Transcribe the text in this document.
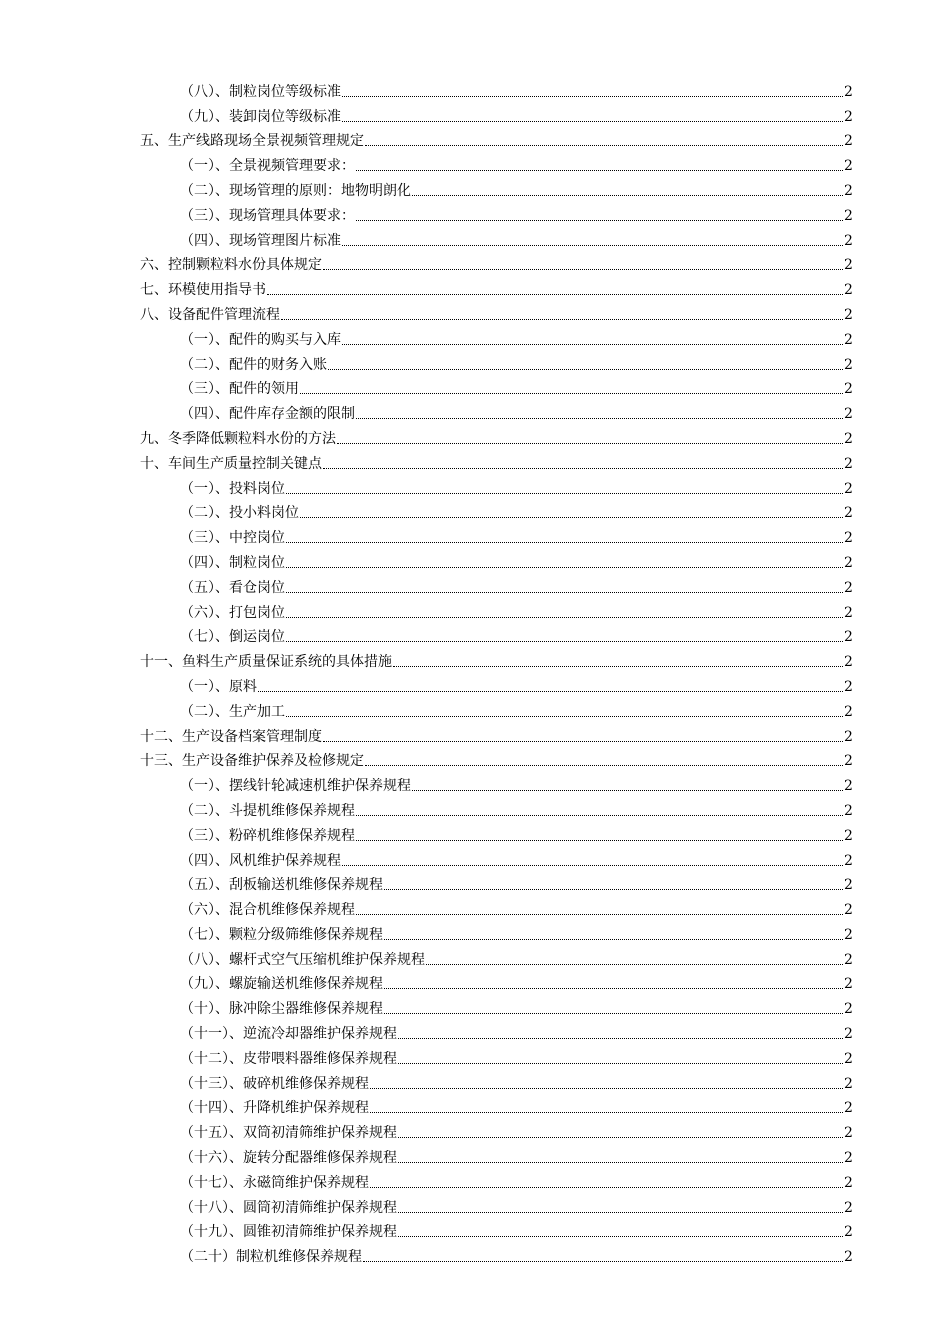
（八）、制粒岗位等级标准	2
（九）、装卸岗位等级标准	2
五、生产线路现场全景视频管理规定	2
（一）、全景视频管理要求：	2
（二）、现场管理的原则：地物明朗化	2
（三）、现场管理具体要求：	2
（四）、现场管理图片标准	2
六、控制颗粒料水份具体规定	2
七、环模使用指导书	2
八、设备配件管理流程	2
（一）、配件的购买与入库	2
（二）、配件的财务入账	2
（三）、配件的领用	2
（四）、配件库存金额的限制	2
九、冬季降低颗粒料水份的方法	2
十、车间生产质量控制关键点	2
（一）、投料岗位	2
（二）、投小料岗位	2
（三）、中控岗位	2
（四）、制粒岗位	2
（五）、看仓岗位	2
（六）、打包岗位	2
（七）、倒运岗位	2
十一、鱼料生产质量保证系统的具体措施	2
（一）、原料	2
（二）、生产加工	2
十二、生产设备档案管理制度	2
十三、生产设备维护保养及检修规定	2
（一）、摆线针轮减速机维护保养规程	2
（二）、斗提机维修保养规程	2
（三）、粉碎机维修保养规程	2
（四）、风机维护保养规程	2
（五）、刮板输送机维修保养规程	2
（六）、混合机维修保养规程	2
（七）、颗粒分级筛维修保养规程	2
（八）、螺杆式空气压缩机维护保养规程	2
（九）、螺旋输送机维修保养规程	2
（十）、脉冲除尘器维修保养规程	2
（十一）、逆流冷却器维护保养规程	2
（十二）、皮带喂料器维修保养规程	2
（十三）、破碎机维修保养规程	2
（十四）、升降机维护保养规程	2
（十五）、双筒初清筛维护保养规程	2
（十六）、旋转分配器维修保养规程	2
（十七）、永磁筒维护保养规程	2
（十八）、圆筒初清筛维护保养规程	2
（十九）、圆锥初清筛维护保养规程	2
（二十）制粒机维修保养规程	2
